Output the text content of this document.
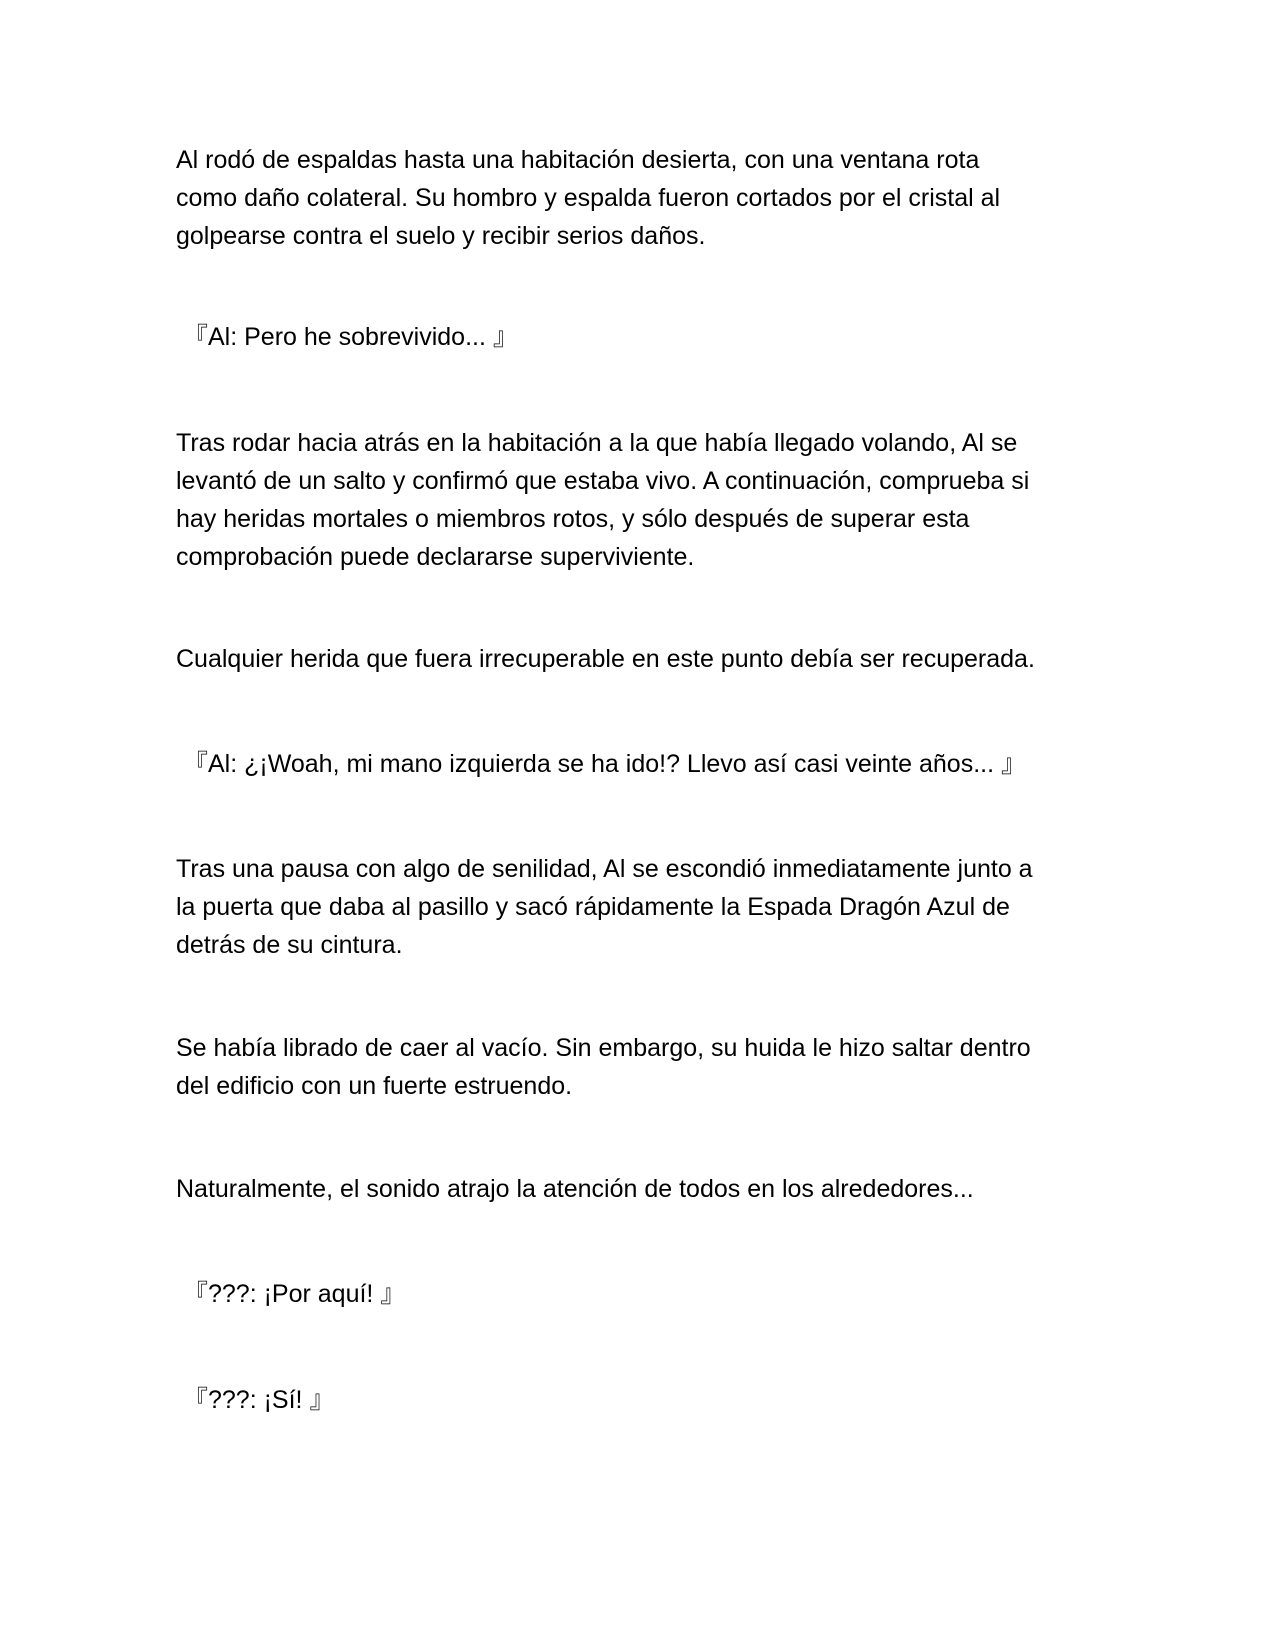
Al rodó de espaldas hasta una habitación desierta, con una ventana rota
como daño colateral. Su hombro y espalda fueron cortados por el cristal al
golpearse contra el suelo y recibir serios daños.

『Al: Pero he sobrevivido... 』

Tras rodar hacia atrás en la habitación a la que había llegado volando, Al se
levantó de un salto y confirmó que estaba vivo. A continuación, comprueba si
hay heridas mortales o miembros rotos, y sólo después de superar esta
comprobación puede declararse superviviente.

Cualquier herida que fuera irrecuperable en este punto debía ser recuperada.

『Al: ¿¡Woah, mi mano izquierda se ha ido!? Llevo así casi veinte años... 』

Tras una pausa con algo de senilidad, Al se escondió inmediatamente junto a
la puerta que daba al pasillo y sacó rápidamente la Espada Dragón Azul de
detrás de su cintura.

Se había librado de caer al vacío. Sin embargo, su huida le hizo saltar dentro
del edificio con un fuerte estruendo.

Naturalmente, el sonido atrajo la atención de todos en los alrededores...

『???: ¡Por aquí! 』

『???: ¡Sí! 』
